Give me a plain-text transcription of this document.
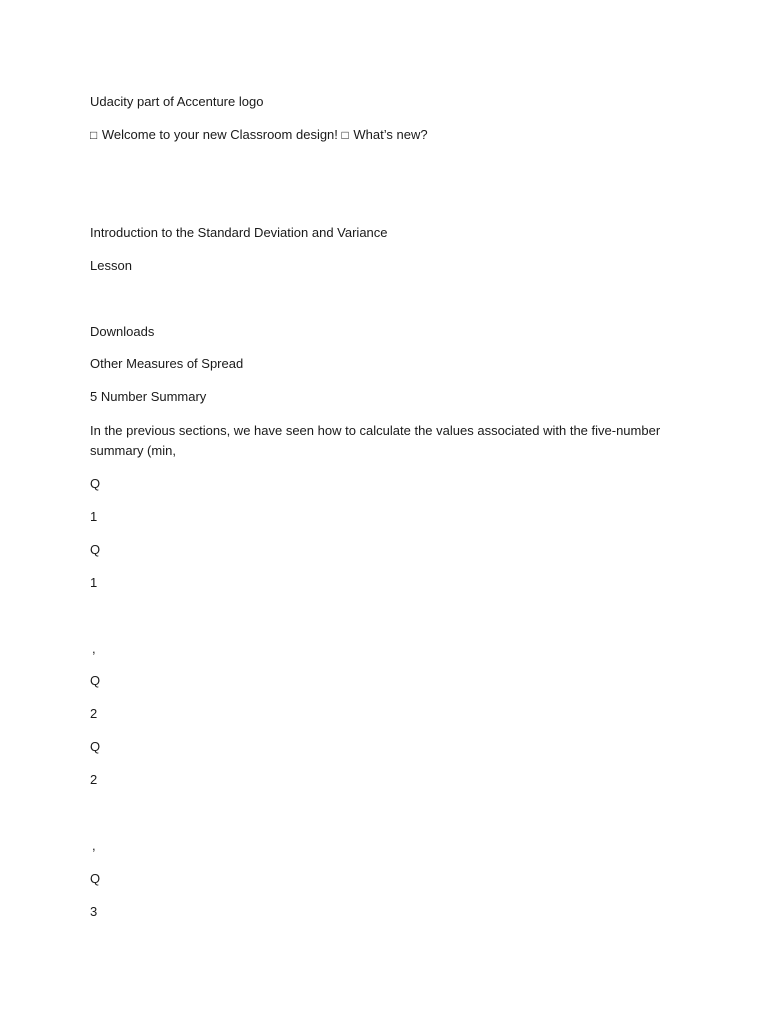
Udacity part of Accenture logo

□ Welcome to your new Classroom design! □ What’s new?

Introduction to the Standard Deviation and Variance

Lesson

Downloads

Other Measures of Spread

5 Number Summary

In the previous sections, we have seen how to calculate the values associated with the five-number summary (min,

Q

1

Q

1

,

Q

2

Q

2

,

Q

3
